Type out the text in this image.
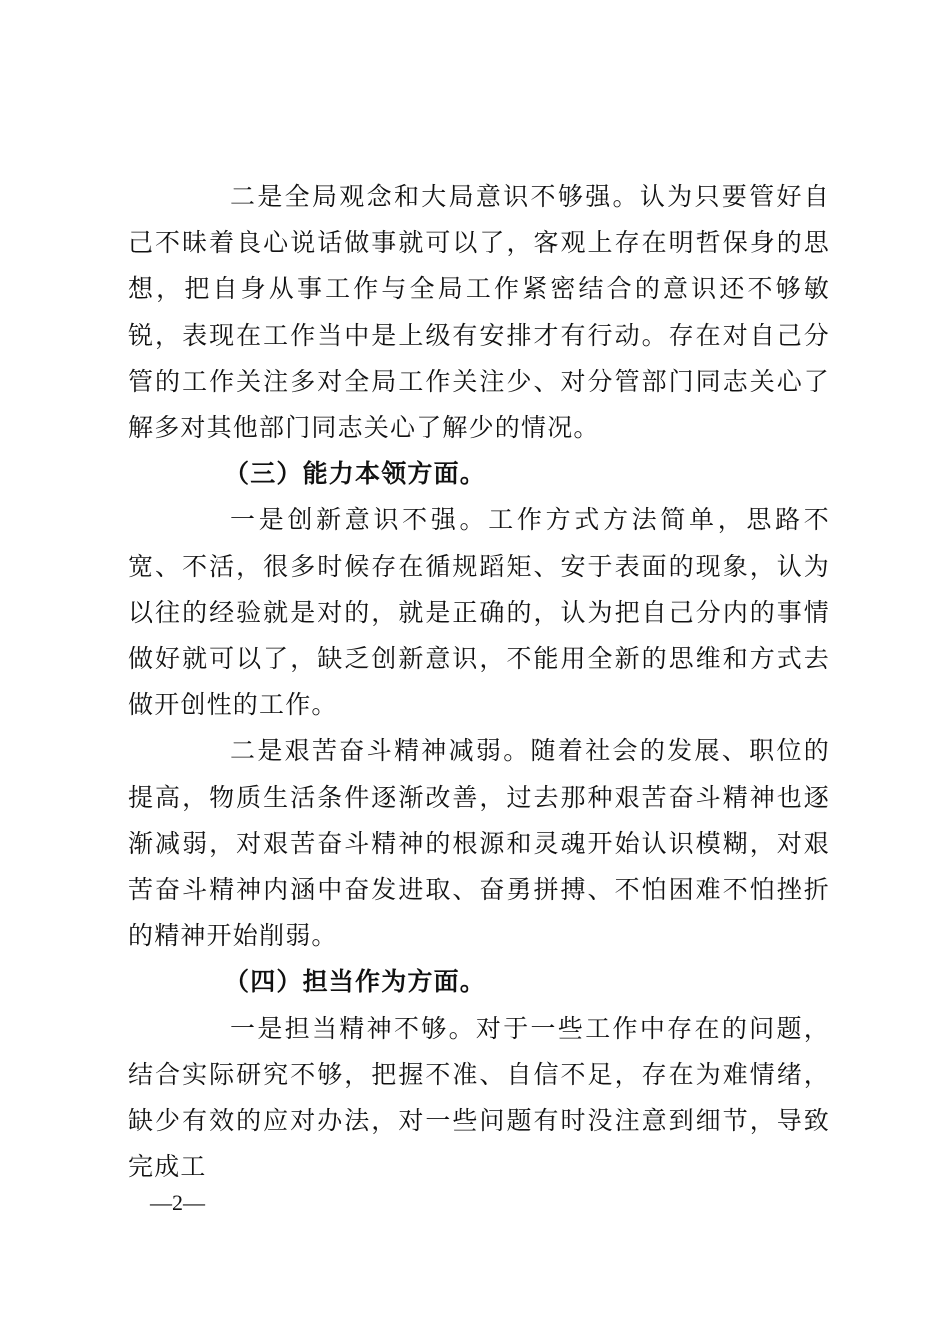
二是全局观念和大局意识不够强。认为只要管好自己不昧着良心说话做事就可以了，客观上存在明哲保身的思想，把自身从事工作与全局工作紧密结合的意识还不够敏锐，表现在工作当中是上级有安排才有行动。存在对自己分管的工作关注多对全局工作关注少、对分管部门同志关心了解多对其他部门同志关心了解少的情况。

（三）能力本领方面。

一是创新意识不强。工作方式方法简单，思路不宽、不活，很多时候存在循规蹈矩、安于表面的现象，认为以往的经验就是对的，就是正确的，认为把自己分内的事情做好就可以了，缺乏创新意识，不能用全新的思维和方式去做开创性的工作。

二是艰苦奋斗精神减弱。随着社会的发展、职位的提高，物质生活条件逐渐改善，过去那种艰苦奋斗精神也逐渐减弱，对艰苦奋斗精神的根源和灵魂开始认识模糊，对艰苦奋斗精神内涵中奋发进取、奋勇拼搏、不怕困难不怕挫折的精神开始削弱。

（四）担当作为方面。

一是担当精神不够。对于一些工作中存在的问题，结合实际研究不够，把握不准、自信不足，存在为难情绪，缺少有效的应对办法，对一些问题有时没注意到细节，导致完成工

—2—
